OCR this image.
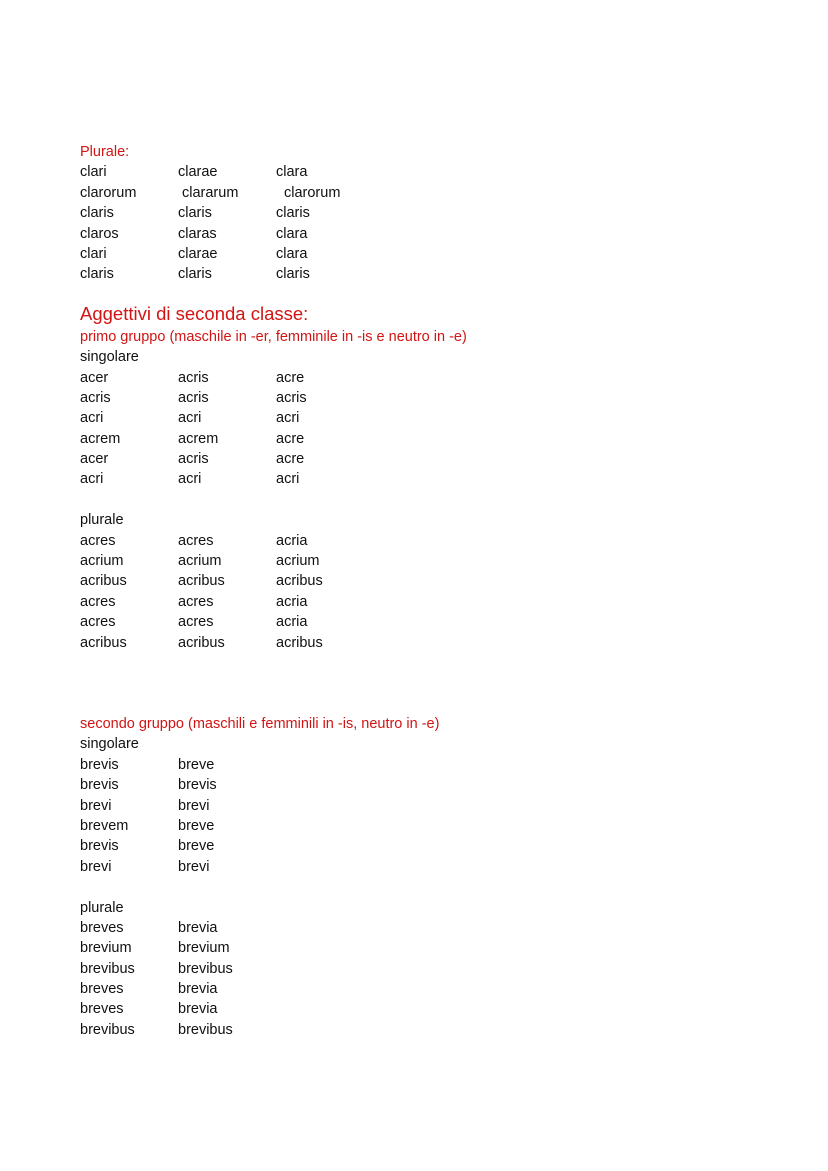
Plurale:
clari	clarae	clara
clarorum	clararum	clarorum
claris	claris	claris
claros	claras	clara
clari	clarae	clara
claris	claris	claris
Aggettivi di seconda classe:
primo gruppo (maschile in -er, femminile in -is e neutro in -e)
singolare
acer	acris	acre
acris	acris	acris
acri	acri	acri
acrem	acrem	acre
acer	acris	acre
acri	acri	acri
plurale
acres	acres	acria
acrium	acrium	acrium
acribus	acribus	acribus
acres	acres	acria
acres	acres	acria
acribus	acribus	acribus
secondo gruppo (maschili e femminili in -is, neutro in -e)
singolare
brevis	breve
brevis	brevis
brevi	brevi
brevem	breve
brevis	breve
brevi	brevi
plurale
breves	brevia
brevium	brevium
brevibus	brevibus
breves	brevia
breves	brevia
brevibus	brevibus
